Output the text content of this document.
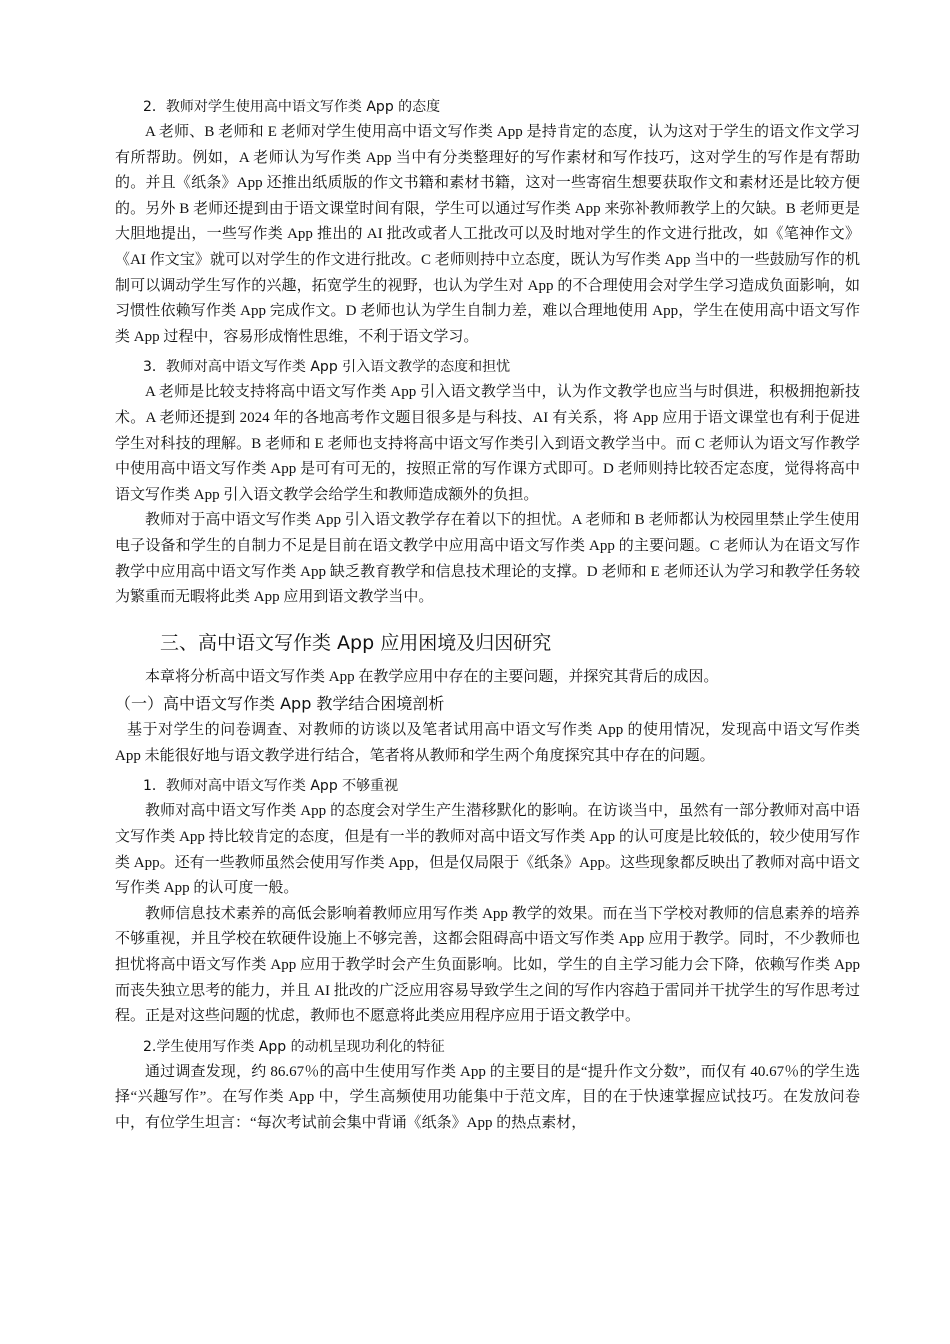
2．教师对学生使用高中语文写作类 App 的态度

A 老师、B 老师和 E 老师对学生使用高中语文写作类 App 是持肯定的态度，认为这对于学生的语文作文学习有所帮助。例如，A 老师认为写作类 App 当中有分类整理好的写作素材和写作技巧，这对学生的写作是有帮助的。并且《纸条》App 还推出纸质版的作文书籍和素材书籍，这对一些寄宿生想要获取作文和素材还是比较方便的。另外 B 老师还提到由于语文课堂时间有限，学生可以通过写作类 App 来弥补教师教学上的欠缺。B 老师更是大胆地提出，一些写作类 App 推出的 AI 批改或者人工批改可以及时地对学生的作文进行批改，如《笔神作文》《AI 作文宝》就可以对学生的作文进行批改。C 老师则持中立态度，既认为写作类 App 当中的一些鼓励写作的机制可以调动学生写作的兴趣，拓宽学生的视野，也认为学生对 App 的不合理使用会对学生学习造成负面影响，如习惯性依赖写作类 App 完成作文。D 老师也认为学生自制力差，难以合理地使用 App，学生在使用高中语文写作类 App 过程中，容易形成惰性思维，不利于语文学习。

3．教师对高中语文写作类 App 引入语文教学的态度和担忧

A 老师是比较支持将高中语文写作类 App 引入语文教学当中，认为作文教学也应当与时俱进，积极拥抱新技术。A 老师还提到 2024 年的各地高考作文题目很多是与科技、AI 有关系，将 App 应用于语文课堂也有利于促进学生对科技的理解。B 老师和 E 老师也支持将高中语文写作类引入到语文教学当中。而 C 老师认为语文写作教学中使用高中语文写作类 App 是可有可无的，按照正常的写作课方式即可。D 老师则持比较否定态度，觉得将高中语文写作类 App 引入语文教学会给学生和教师造成额外的负担。

教师对于高中语文写作类 App 引入语文教学存在着以下的担忧。A 老师和 B 老师都认为校园里禁止学生使用电子设备和学生的自制力不足是目前在语文教学中应用高中语文写作类 App 的主要问题。C 老师认为在语文写作教学中应用高中语文写作类 App 缺乏教育教学和信息技术理论的支撑。D 老师和 E 老师还认为学习和教学任务较为繁重而无暇将此类 App 应用到语文教学当中。

三、高中语文写作类 App 应用困境及归因研究

本章将分析高中语文写作类 App 在教学应用中存在的主要问题，并探究其背后的成因。

（一）高中语文写作类 App 教学结合困境剖析

基于对学生的问卷调查、对教师的访谈以及笔者试用高中语文写作类 App 的使用情况，发现高中语文写作类 App 未能很好地与语文教学进行结合，笔者将从教师和学生两个角度探究其中存在的问题。

1．教师对高中语文写作类 App 不够重视

教师对高中语文写作类 App 的态度会对学生产生潜移默化的影响。在访谈当中，虽然有一部分教师对高中语文写作类 App 持比较肯定的态度，但是有一半的教师对高中语文写作类 App 的认可度是比较低的，较少使用写作类 App。还有一些教师虽然会使用写作类 App，但是仅局限于《纸条》App。这些现象都反映出了教师对高中语文写作类 App 的认可度一般。

教师信息技术素养的高低会影响着教师应用写作类 App 教学的效果。而在当下学校对教师的信息素养的培养不够重视，并且学校在软硬件设施上不够完善，这都会阻碍高中语文写作类 App 应用于教学。同时，不少教师也担忧将高中语文写作类 App 应用于教学时会产生负面影响。比如，学生的自主学习能力会下降，依赖写作类 App 而丧失独立思考的能力，并且 AI 批改的广泛应用容易导致学生之间的写作内容趋于雷同并干扰学生的写作思考过程。正是对这些问题的忧虑，教师也不愿意将此类应用程序应用于语文教学中。

2.学生使用写作类 App 的动机呈现功利化的特征

通过调查发现，约 86.67％的高中生使用写作类 App 的主要目的是“提升作文分数”，而仅有 40.67％的学生选择“兴趣写作”。在写作类 App 中，学生高频使用功能集中于范文库，目的在于快速掌握应试技巧。在发放问卷中，有位学生坦言：“每次考试前会集中背诵《纸条》App 的热点素材，
